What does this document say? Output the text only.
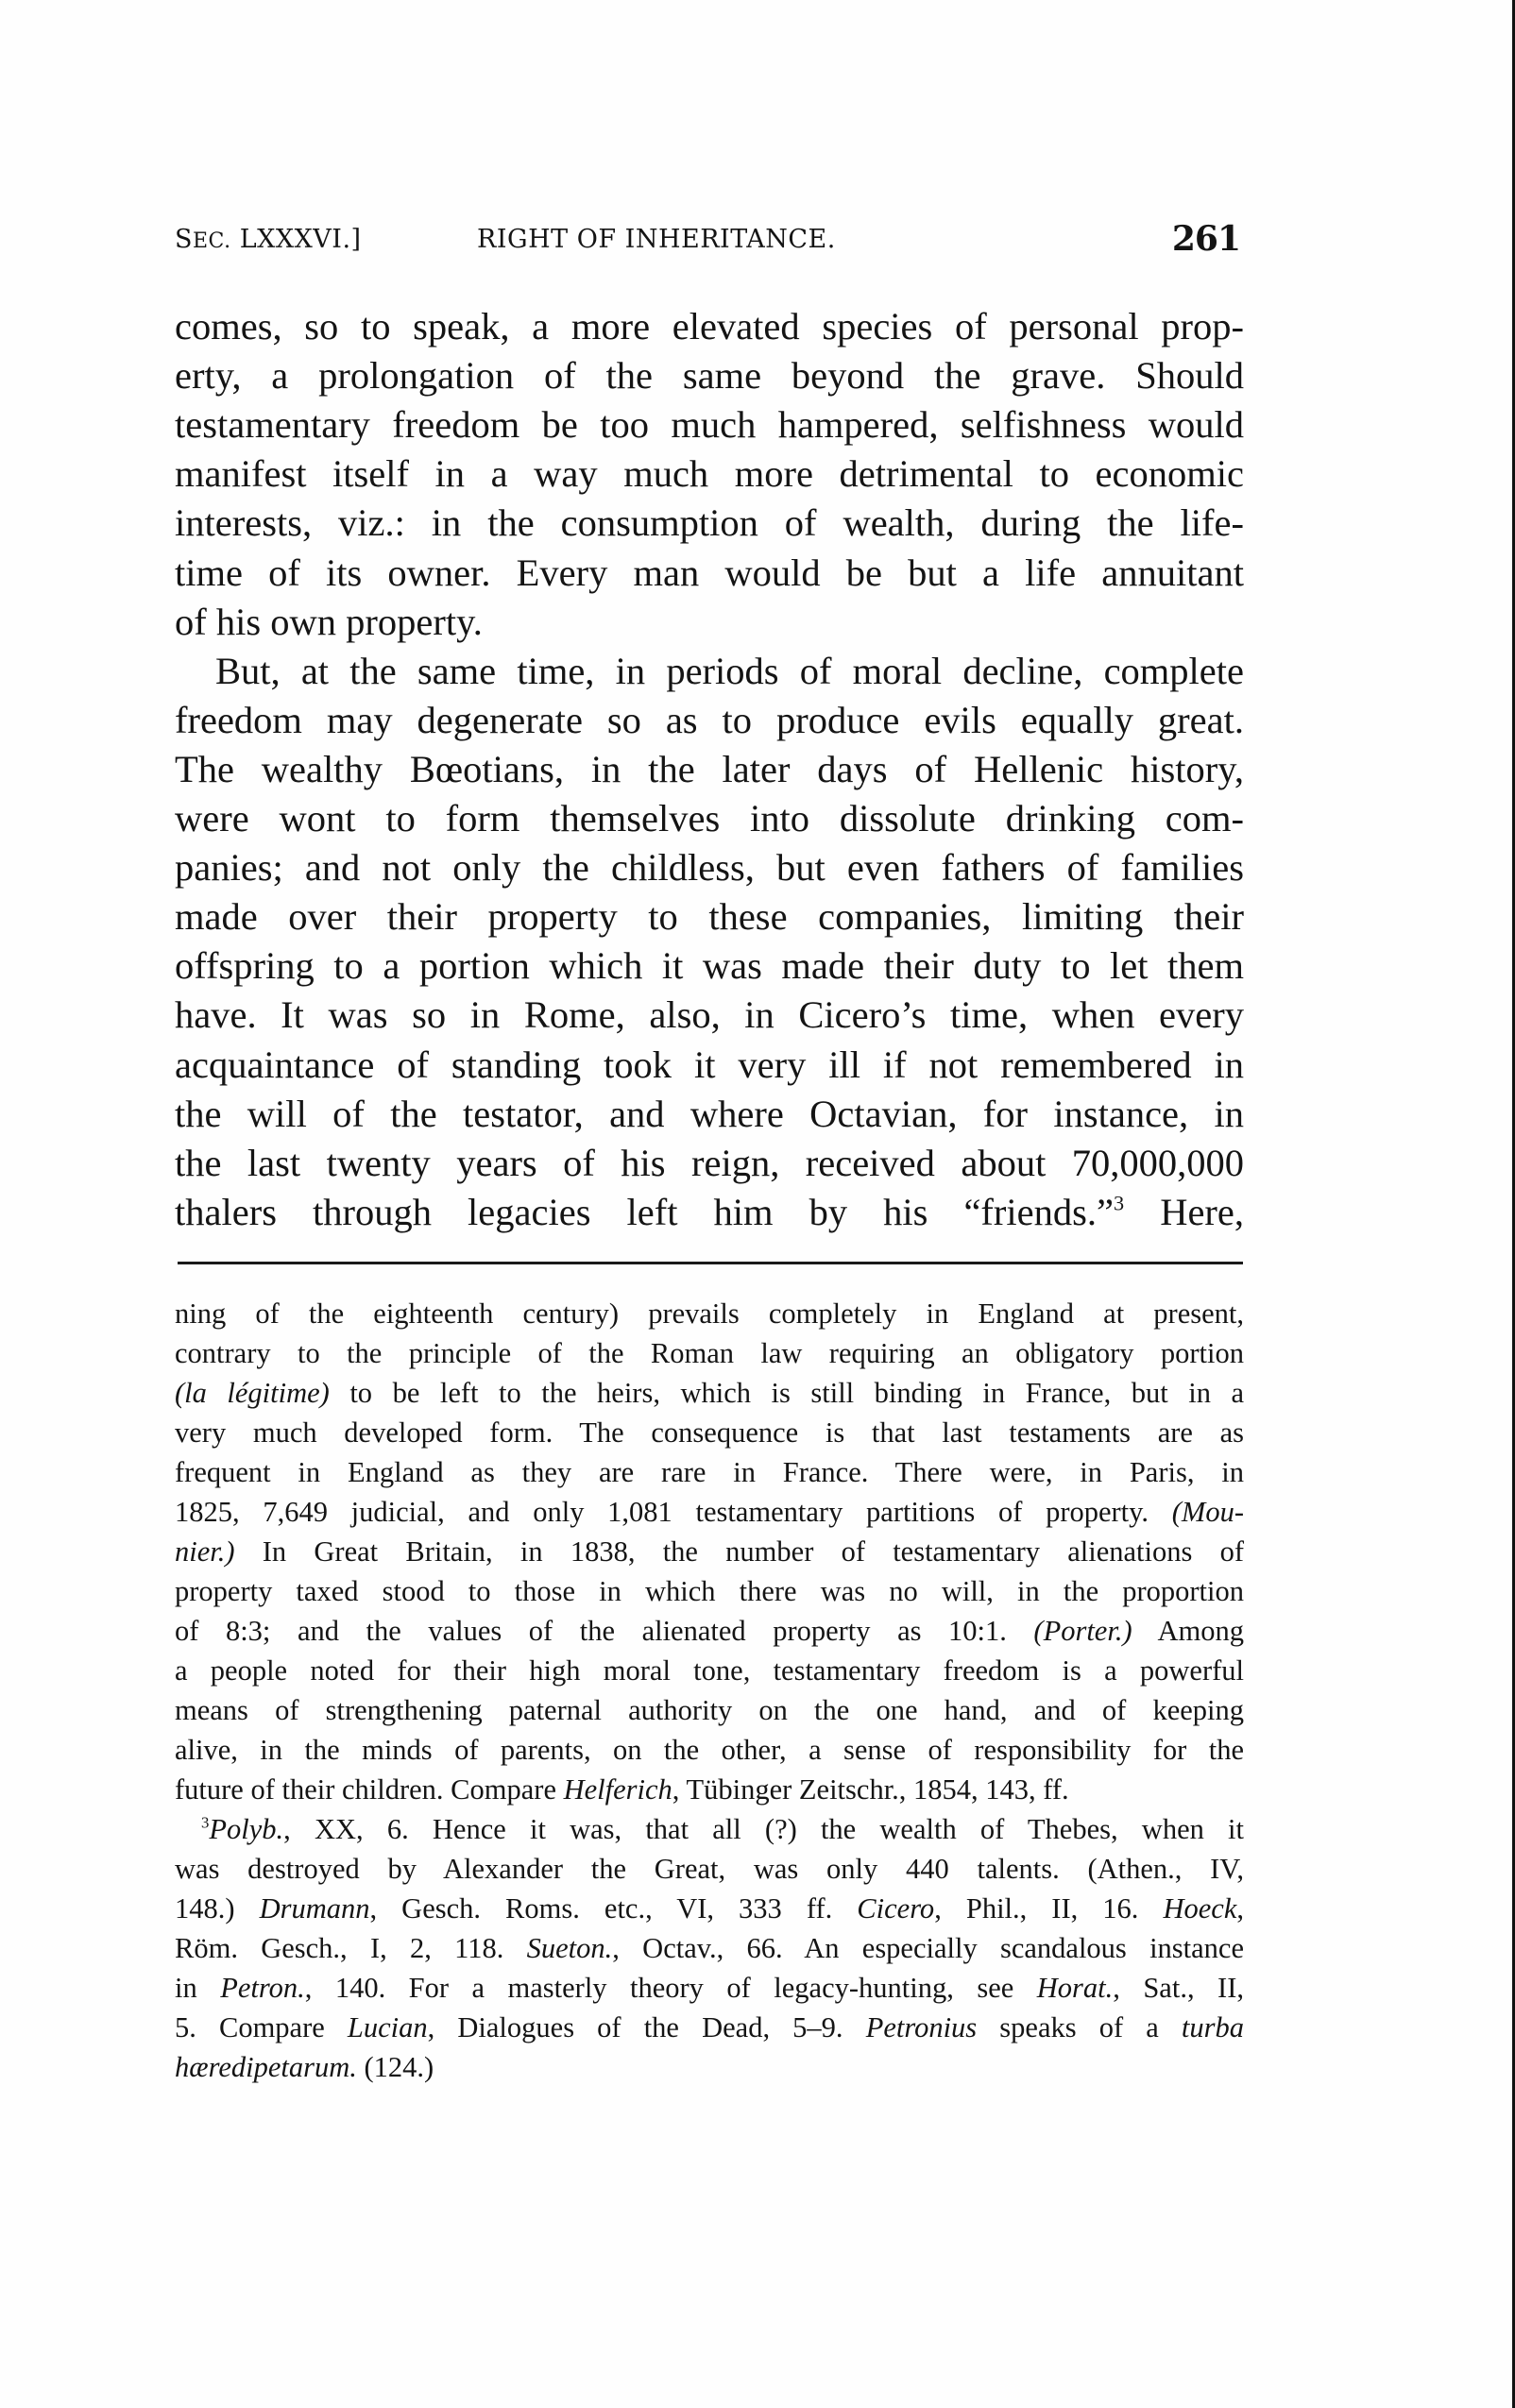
SEC. LXXXVI.]	RIGHT OF INHERITANCE.	261
comes, so to speak, a more elevated species of personal prop-
erty, a prolongation of the same beyond the grave. Should
testamentary freedom be too much hampered, selfishness would
manifest itself in a way much more detrimental to economic
interests, viz.: in the consumption of wealth, during the life-
time of its owner. Every man would be but a life annuitant
of his own property.
But, at the same time, in periods of moral decline, complete
freedom may degenerate so as to produce evils equally great.
The wealthy Bœotians, in the later days of Hellenic history,
were wont to form themselves into dissolute drinking com-
panies; and not only the childless, but even fathers of families
made over their property to these companies, limiting their
offspring to a portion which it was made their duty to let them
have. It was so in Rome, also, in Cicero’s time, when every
acquaintance of standing took it very ill if not remembered in
the will of the testator, and where Octavian, for instance, in
the last twenty years of his reign, received about 70,000,000
thalers through legacies left him by his “friends.”$^3$ Here,
ning of the eighteenth century) prevails completely in England at present,
contrary to the principle of the Roman law requiring an obligatory portion
(la légitime) to be left to the heirs, which is still binding in France, but in a
very much developed form. The consequence is that last testaments are as
frequent in England as they are rare in France. There were, in Paris, in
1825, 7,649 judicial, and only 1,081 testamentary partitions of property. (Mou-
nier.) In Great Britain, in 1838, the number of testamentary alienations of
property taxed stood to those in which there was no will, in the proportion
of 8:3; and the values of the alienated property as 10:1. (Porter.) Among
a people noted for their high moral tone, testamentary freedom is a powerful
means of strengthening paternal authority on the one hand, and of keeping
alive, in the minds of parents, on the other, a sense of responsibility for the
future of their children. Compare Helferich, Tübinger Zeitschr., 1854, 143, ff.
$^3$Polyb., XX, 6. Hence it was, that all (?) the wealth of Thebes, when it
was destroyed by Alexander the Great, was only 440 talents. (Athen., IV,
148.) Drumann, Gesch. Roms. etc., VI, 333 ff. Cicero, Phil., II, 16. Hoeck,
Röm. Gesch., I, 2, 118. Sueton., Octav., 66. An especially scandalous instance
in Petron., 140. For a masterly theory of legacy-hunting, see Horat., Sat., II,
5. Compare Lucian, Dialogues of the Dead, 5–9. Petronius speaks of a turba
hæredipetarum. (124.)
